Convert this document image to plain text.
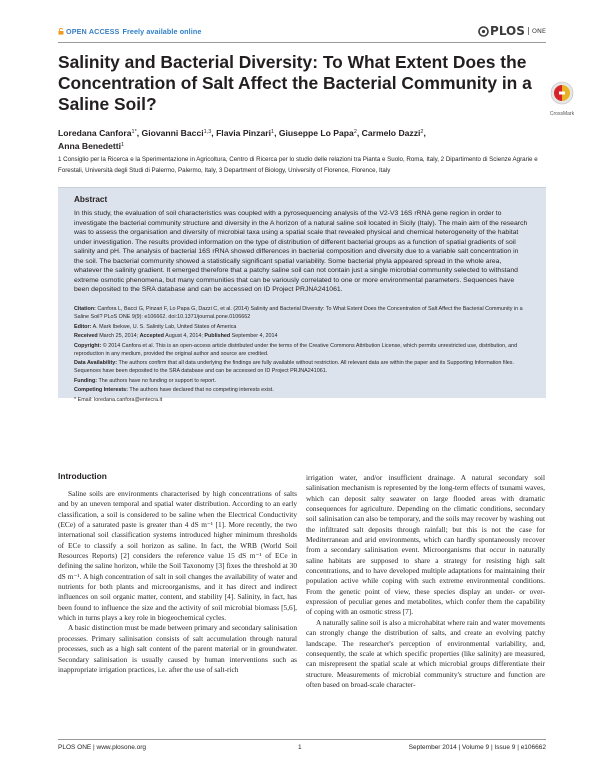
OPEN ACCESS Freely available online	PLOS ONE
Salinity and Bacterial Diversity: To What Extent Does the Concentration of Salt Affect the Bacterial Community in a Saline Soil?	CrossMark
Loredana Canfora$^{1*}$, Giovanni Bacci$^{1,3}$, Flavia Pinzari$^1$, Giuseppe Lo Papa$^2$, Carmelo Dazzi$^2$,
Anna Benedetti$^1$
1 Consiglio per la Ricerca e la Sperimentazione in Agricoltura, Centro di Ricerca per lo studio delle relazioni tra Pianta e Suolo, Roma, Italy, 2 Dipartimento di Scienze Agrarie e Forestali, Università degli Studi di Palermo, Palermo, Italy, 3 Department of Biology, University of Florence, Florence, Italy
Abstract

In this study, the evaluation of soil characteristics was coupled with a pyrosequencing analysis of the V2-V3 16S rRNA gene region in order to investigate the bacterial community structure and diversity in the A horizon of a natural saline soil located in Sicily (Italy). The main aim of the research was to assess the organisation and diversity of microbial taxa using a spatial scale that revealed physical and chemical heterogeneity of the habitat under investigation. The results provided information on the type of distribution of different bacterial groups as a function of spatial gradients of soil salinity and pH. The analysis of bacterial 16S rRNA showed differences in bacterial composition and diversity due to a variable salt concentration in the soil. The bacterial community showed a statistically significant spatial variability. Some bacterial phyla appeared spread in the whole area, whatever the salinity gradient. It emerged therefore that a patchy saline soil can not contain just a single microbial community selected to withstand extreme osmotic phenomena, but many communities that can be variously correlated to one or more environmental parameters. Sequences have been deposited to the SRA database and can be accessed on ID Project PRJNA241061.

Citation: Canfora L, Bacci G, Pinzari F, Lo Papa G, Dazzi C, et al. (2014) Salinity and Bacterial Diversity: To What Extent Does the Concentration of Salt Affect the Bacterial Community in a Saline Soil? PLoS ONE 9(9): e106662. doi:10.1371/journal.pone.0106662

Editor: A. Mark Ibekwe, U. S. Salinity Lab, United States of America

Received March 25, 2014; Accepted August 4, 2014; Published September 4, 2014

Copyright: © 2014 Canfora et al. This is an open-access article distributed under the terms of the Creative Commons Attribution License, which permits unrestricted use, distribution, and reproduction in any medium, provided the original author and source are credited.

Data Availability: The authors confirm that all data underlying the findings are fully available without restriction. All relevant data are within the paper and its Supporting Information files. Sequences have been deposited to the SRA database and can be accessed on ID Project PRJNA241061.

Funding: The authors have no funding or support to report.

Competing Interests: The authors have declared that no competing interests exist.

* Email: loredana.canfora@entecra.it

Introduction

Saline soils are environments characterised by high concentrations of salts and by an uneven temporal and spatial water distribution. According to an early classification, a soil is considered to be saline when the Electrical Conductivity (ECe) of a saturated paste is greater than 4 dS m⁻¹ [1]. More recently, the two international soil classification systems introduced higher minimum thresholds of ECe to classify a soil horizon as saline. In fact, the WRB (World Soil Resources Reports) [2] considers the reference value 15 dS m⁻¹ of ECe in defining the saline horizon, while the Soil Taxonomy [3] fixes the threshold at 30 dS m⁻¹. A high concentration of salt in soil changes the availability of water and nutrients for both plants and microorganisms, and it has direct and indirect influences on soil organic matter, content, and stability [4]. Salinity, in fact, has been found to influence the size and the activity of soil microbial biomass [5,6], which in turns plays a key role in biogeochemical cycles.

A basic distinction must be made between primary and secondary salinisation processes. Primary salinisation consists of salt accumulation through natural processes, such as a high salt content of the parent material or in groundwater. Secondary salinisation is usually caused by human interventions such as inappropriate irrigation practices, i.e. after the use of salt-rich

irrigation water, and/or insufficient drainage. A natural secondary soil salinisation mechanism is represented by the long-term effects of tsunami waves, which can deposit salty seawater on large flooded areas with dramatic consequences for agriculture. Depending on the climatic conditions, secondary soil salinisation can also be temporary, and the soils may recover by washing out the infiltrated salt deposits through rainfall; but this is not the case for Mediterranean and arid environments, which can hardly spontaneously recover from a secondary salinisation event. Microorganisms that occur in naturally saline habitats are supposed to share a strategy for resisting high salt concentrations, and to have developed multiple adaptations for maintaining their population active while coping with such extreme environmental conditions. From the genetic point of view, these species display an under- or over-expression of peculiar genes and metabolites, which confer them the capability of coping with an osmotic stress [7].

A naturally saline soil is also a microhabitat where rain and water movements can strongly change the distribution of salts, and create an evolving patchy landscape. The researcher's perception of environmental variability, and, consequently, the scale at which specific properties (like salinity) are measured, can misrepresent the spatial scale at which microbial groups differentiate their structure. Measurements of microbial community's structure and function are often based on broad-scale character-

PLOS ONE | www.plosone.org	1	September 2014 | Volume 9 | Issue 9 | e106662
